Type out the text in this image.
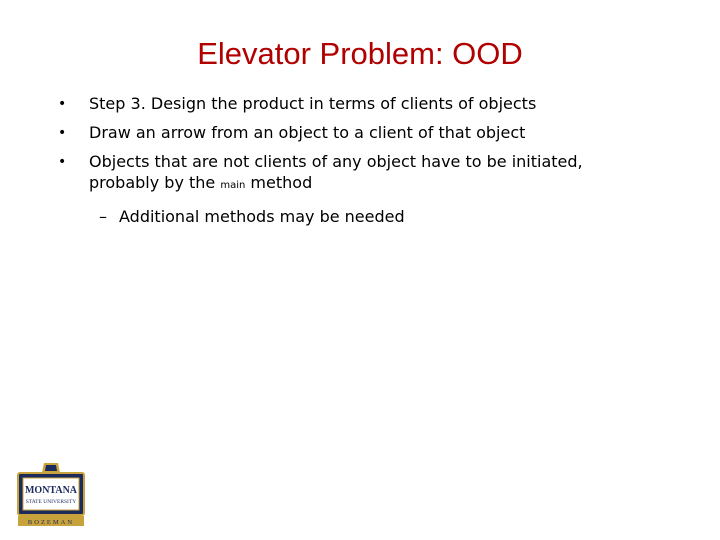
Elevator Problem: OOD
• Step 3. Design the product in terms of clients of objects
• Draw an arrow from an object to a client of that object
• Objects that are not clients of any object have to be initiated,
probably by the main method
– Additional methods may be needed
MONTANA
STATE UNIVERSITY
BOZEMAN
